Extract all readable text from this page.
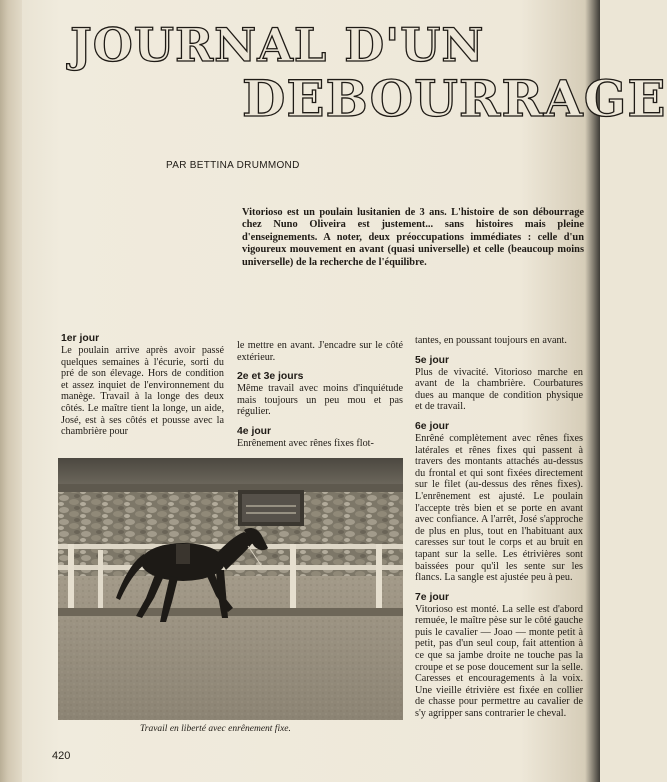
JOURNAL D'UN
DEBOURRAGE
PAR BETTINA DRUMMOND

Vitorioso est un poulain lusitanien de 3 ans. L'histoire de son débourrage chez Nuno Oliveira est justement... sans histoires mais pleine d'enseignements. A noter, deux préoccupations immédiates : celle d'un vigoureux mouvement en avant (quasi universelle) et celle (beaucoup moins universelle) de la recherche de l'équilibre.

1er jour

Le poulain arrive après avoir passé quelques semaines à l'écurie, sorti du pré de son élevage. Hors de condition et assez inquiet de l'environnement du manège. Travail à la longe des deux côtés. Le maître tient la longe, un aide, José, est à ses côtés et pousse avec la chambrière pour

le mettre en avant. J'encadre sur le côté extérieur.

2e et 3e jours

Même travail avec moins d'inquiétude mais toujours un peu mou et pas régulier.

4e jour

Enrênement avec rênes fixes flot-

tantes, en poussant toujours en avant.

5e jour

Plus de vivacité. Vitorioso marche en avant de la chambrière. Courbatures dues au manque de condition physique et de travail.

6e jour

Enrêné complètement avec rênes fixes latérales et rênes fixes qui passent à travers des montants attachés au-dessus du frontal et qui sont fixées directement sur le filet (au-dessus des rênes fixes). L'enrênement est ajusté. Le poulain l'accepte très bien et se porte en avant avec confiance. A l'arrêt, José s'approche de plus en plus, tout en l'habituant aux caresses sur tout le corps et au bruit en tapant sur la selle. Les étrivières sont baissées pour qu'il les sente sur les flancs. La sangle est ajustée peu à peu.

7e jour

Vitorioso est monté. La selle est d'abord remuée, le maître pèse sur le côté gauche puis le cavalier — Joao — monte petit à petit, pas d'un seul coup, fait attention à ce que sa jambe droite ne touche pas la croupe et se pose doucement sur la selle. Caresses et encouragements à la voix. Une vieille étrivière est fixée en collier de chasse pour permettre au cavalier de s'y agripper sans contrarier le cheval.

Travail en liberté avec enrênement fixe.
420
